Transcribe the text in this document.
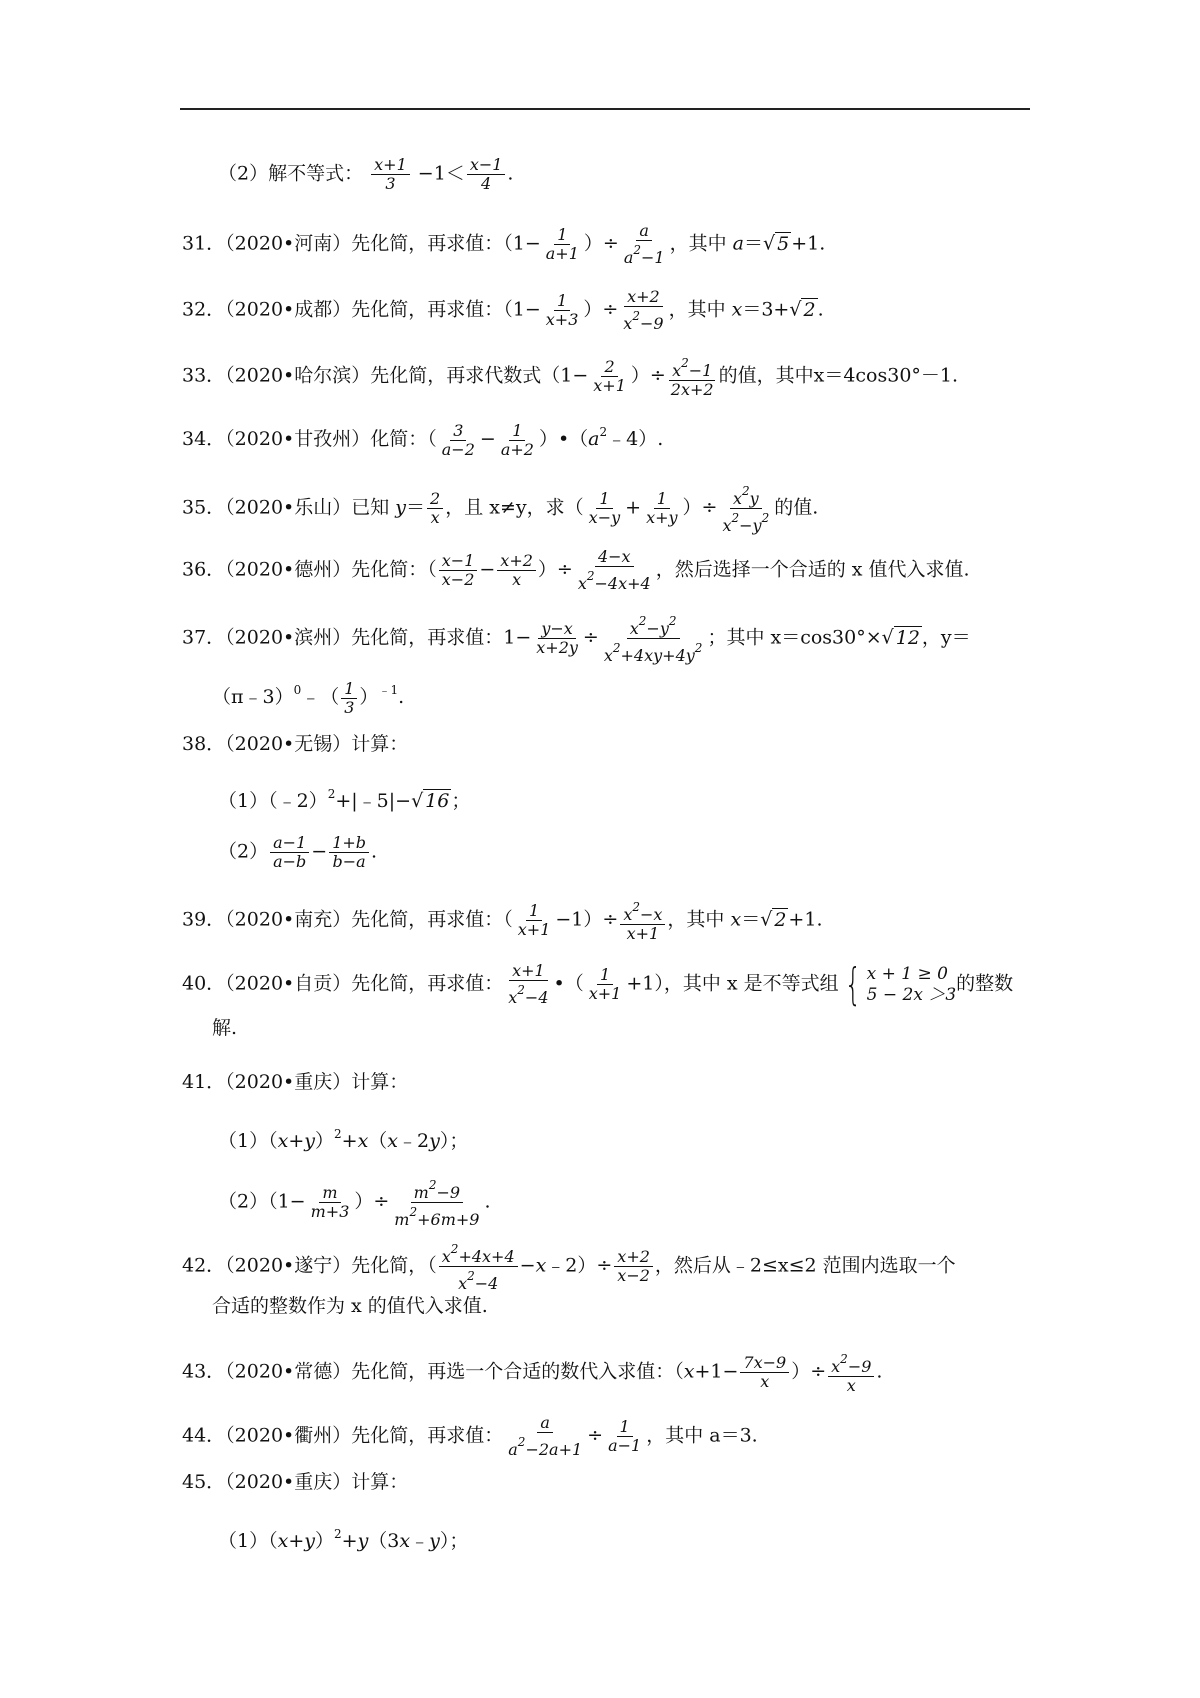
（2）解不等式： $\frac{x+1}{3} -1< \frac{x-1}{4}$ .
31．（2020•河南）先化简，再求值：（$1- \frac{1}{a+1}$ ）÷ $\frac{a}{a^2-1}$ ，其中 a＝√ 5 +1.
32．（2020•成都）先化简，再求值：（$1- \frac{1}{x+3}$ ）÷ $\frac{x+2}{x^2-9}$ ，其中 x＝3+√ 2 .
33．（2020•哈尔滨）先化简，再求代数式（$1- \frac{2}{x+1}$ ）÷ $\frac{x^2-1}{2x+2}$ 的值，其中x＝4cos30°－1.
34．（2020•甘孜州）化简：（ $\frac{3}{a-2} - \frac{1}{a+2}$ ）$•(a^2﹣4)$.
35．（2020•乐山）已知 $y= \frac{2}{x}$ ，且 x≠y，求（ $\frac{1}{x-y} + \frac{1}{x+y}$ ）÷ $\frac{x^2y}{x^2-y^2}$ 的值.
36．（2020•德州）先化简：（ $\frac{x-1}{x-2} - \frac{x+2}{x}$ ）÷ $\frac{4-x}{x^2-4x+4}$ ，然后选择一个合适的 x 值代入求值.
37．（2020•滨州）先化简，再求值：$1- \frac{y-x}{x+2y} \div \frac{x^2-y^2}{x^2+4xy+4y^2}$ ；其中 x＝cos30°×√ 12 ，y＝
（π﹣3）$^0$﹣（ $\frac{1}{3} )^{﹣1}$.
38．（2020•无锡）计算：
（1）（﹣2）$^2$+|﹣5|−√ 16 ；
$(2) \frac{a-1}{a-b} - \frac{1+b}{b-a}$ .
39．（2020•南充）先化简，再求值：（ $\frac{1}{x+1} -1)\div \frac{x^2-x}{x+1}$ ，其中 x＝√ 2 +1.
40．（2020•自贡）先化简，再求值： $\frac{x+1}{x^2-4}$ •（ $\frac{1}{x+1} +1$），其中 x 是不等式组 { x + 1 ≥ 0
5 − 2x ＞3 的整数
解.
41．（2020•重庆）计算：
$(1)(x+y)^2+x(x﹣2y)$；
$(2)(1- \frac{m}{m+3}$ ）÷ $\frac{m^2-9}{m^2+6m+9}$ .
42．（2020•遂宁）先化简，（ $\frac{x^2+4x+4}{x^2-4}$ −x﹣2）÷ $\frac{x+2}{x-2}$ ，然后从﹣2≤x≤2 范围内选取一个
合适的整数作为 x 的值代入求值.
43．（2020•常德）先化简，再选一个合适的数代入求值：（$x+1- \frac{7x-9}{x}$ ）÷ $\frac{x^2-9}{x}$ .
44．（2020•衢州）先化简，再求值： $\frac{a}{a^2-2a+1} \div \frac{1}{a-1}$ ，其中 a＝3.
45．（2020•重庆）计算：
$(1)(x+y)^2+y(3x﹣y)$；
